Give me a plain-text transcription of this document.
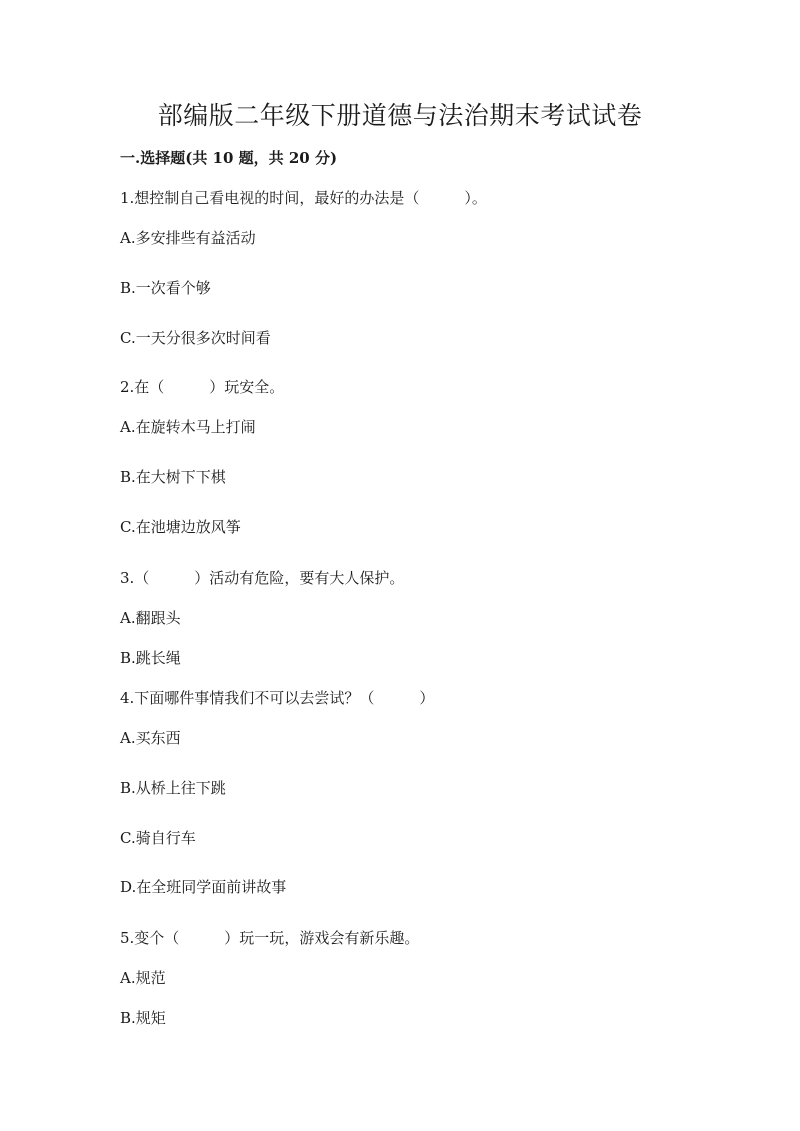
部编版二年级下册道德与法治期末考试试卷
一.选择题(共 10 题，共 20 分)
1.想控制自己看电视的时间，最好的办法是（　　　）。
A.多安排些有益活动
B.一次看个够
C.一天分很多次时间看
2.在（　　　）玩安全。
A.在旋转木马上打闹
B.在大树下下棋
C.在池塘边放风筝
3.（　　　）活动有危险，要有大人保护。
A.翻跟头
B.跳长绳
4.下面哪件事情我们不可以去尝试？（　　　）
A.买东西
B.从桥上往下跳
C.骑自行车
D.在全班同学面前讲故事
5.变个（　　　）玩一玩，游戏会有新乐趣。
A.规范
B.规矩
